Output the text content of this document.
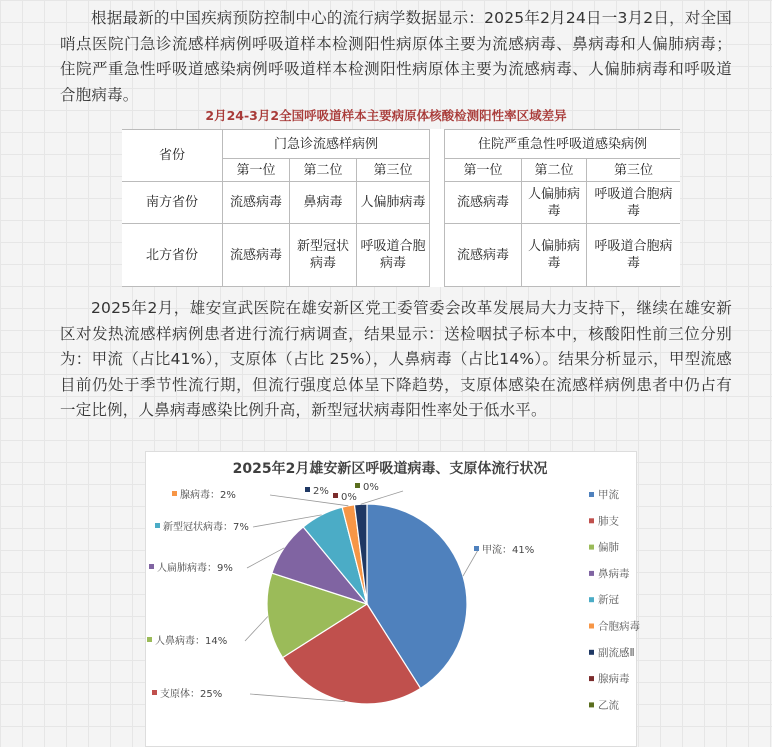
根据最新的中国疾病预防控制中心的流行病学数据显示：2025年2月24日一3月2日，对全国哨点医院门急诊流感样病例呼吸道样本检测阳性病原体主要为流感病毒、鼻病毒和人偏肺病毒；住院严重急性呼吸道感染病例呼吸道样本检测阳性病原体主要为流感病毒、人偏肺病毒和呼吸道合胞病毒。

2月24-3月2全国呼吸道样本主要病原体核酸检测阳性率区域差异
省份	门急诊流感样病例				住院严重急性呼吸道感染病例		
	第一位	第二位	第三位		第一位	第二位	第三位
南方省份	流感病毒	鼻病毒	人偏肺病毒		流感病毒	人偏肺病毒	呼吸道合胞病毒
北方省份	流感病毒	新型冠状病毒	呼吸道合胞病毒		流感病毒	人偏肺病毒	呼吸道合胞病毒

2025年2月，雄安宣武医院在雄安新区党工委管委会改革发展局大力支持下，继续在雄安新区对发热流感样病例患者进行流行病调查，结果显示：送检咽拭子标本中，核酸阳性前三位分别为：甲流（占比41%），支原体（占比 25%），人鼻病毒（占比14%）。结果分析显示，甲型流感目前仍处于季节性流行期，但流行强度总体呈下降趋势，支原体感染在流感样病例患者中仍占有一定比例，人鼻病毒感染比例升高，新型冠状病毒阳性率处于低水平。

2025年2月雄安新区呼吸道病毒、支原体流行状况
甲流：41%
支原体：25%
人鼻病毒：14%
人扁肺病毒：9%
新型冠状病毒：7%
腺病毒：2%	2%
0%
0%
甲流
肺支
偏肺
鼻病毒
新冠
合胞病毒
副流感Ⅱ
腺病毒
乙流
